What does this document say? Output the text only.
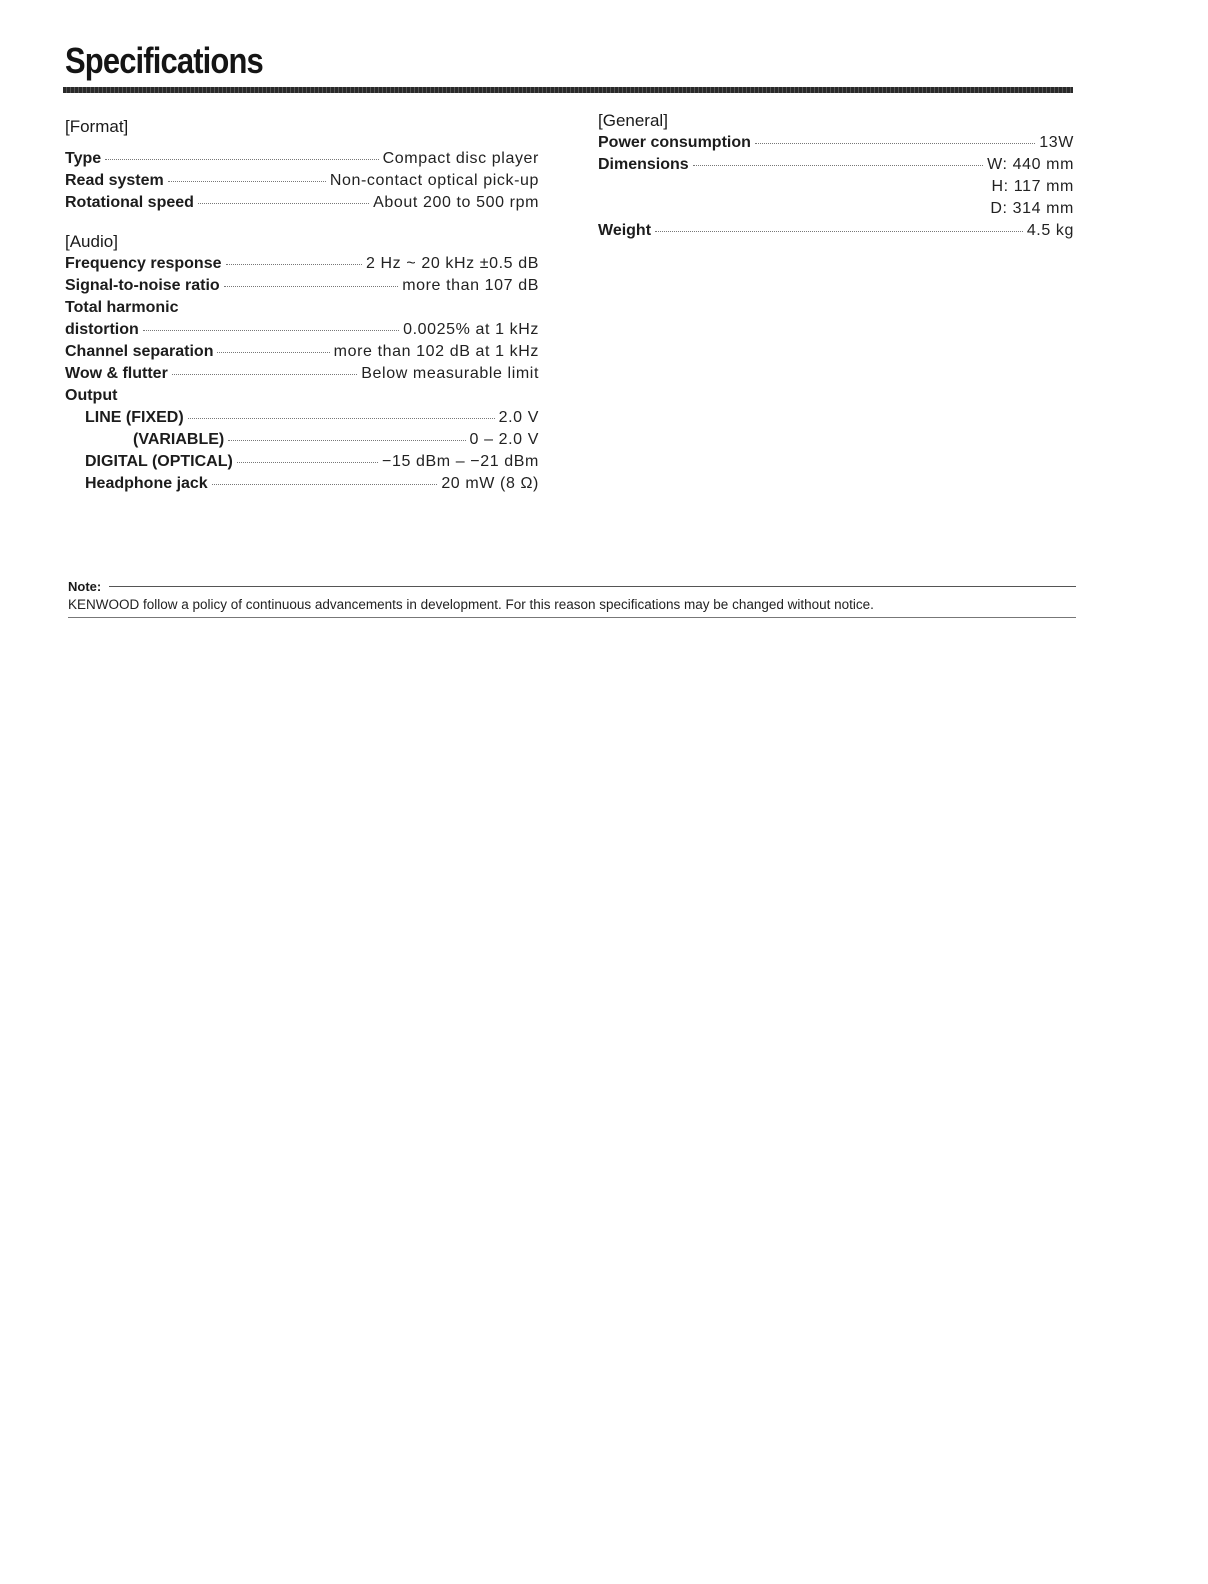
Specifications
[Format]
Type	Compact disc player
Read system	Non-contact optical pick-up
Rotational speed	About 200 to 500 rpm
[Audio]
Frequency response	2 Hz ~ 20 kHz ±0.5 dB
Signal-to-noise ratio	more than 107 dB
Total harmonic
distortion	0.0025% at 1 kHz
Channel separation	more than 102 dB at 1 kHz
Wow & flutter	Below measurable limit
Output
LINE (FIXED)	2.0 V
(VARIABLE)	0 – 2.0 V
DIGITAL (OPTICAL)	−15 dBm – −21 dBm
Headphone jack	20 mW (8 Ω)
[General]
Power consumption	13W
Dimensions	W: 440 mm
H: 117 mm
D: 314 mm
Weight	4.5 kg
Note:
KENWOOD follow a policy of continuous advancements in development. For this reason specifications may be changed without notice.
